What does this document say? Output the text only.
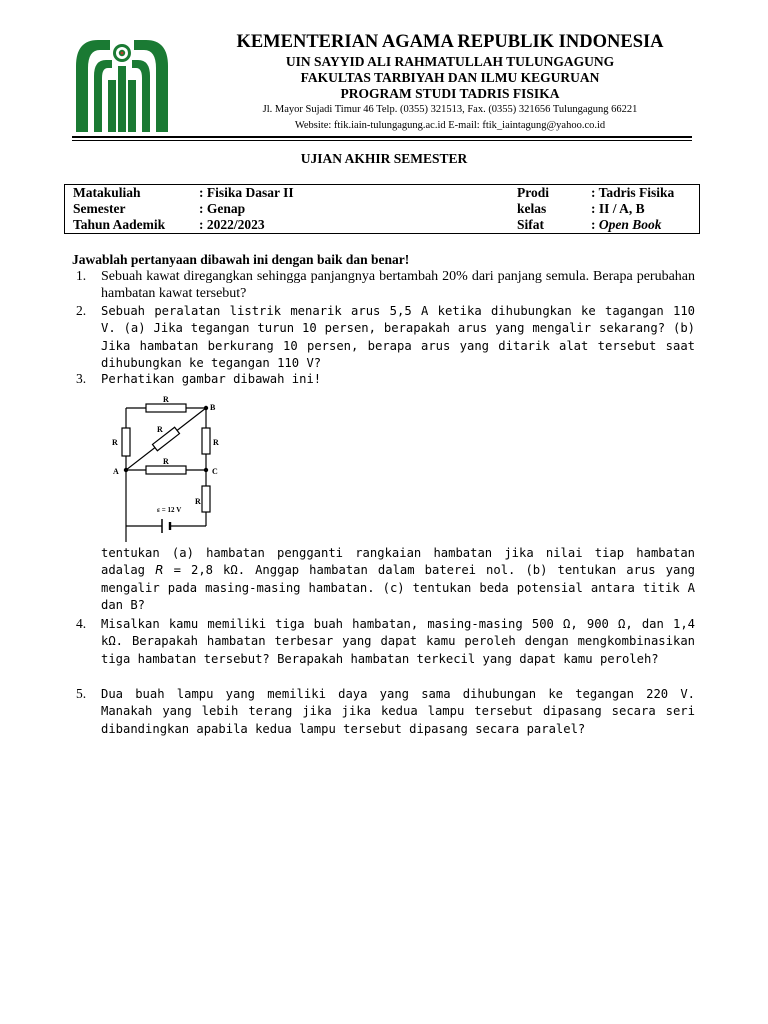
KEMENTERIAN AGAMA REPUBLIK INDONESIA
UIN SAYYID ALI RAHMATULLAH TULUNGAGUNG
FAKULTAS TARBIYAH DAN ILMU KEGURUAN
PROGRAM STUDI TADRIS FISIKA
Jl. Mayor Sujadi Timur 46 Telp. (0355) 321513, Fax. (0355) 321656 Tulungagung 66221
Website: ftik.iain-tulungagung.ac.id E-mail: ftik_iaintagung@yahoo.co.id
UJIAN AKHIR SEMESTER
Matakuliah	: Fisika Dasar II	Prodi	: Tadris Fisika
Semester	: Genap	kelas	: II / A, B
Tahun Aademik	: 2022/2023	Sifat	: Open Book
Jawablah pertanyaan dibawah ini dengan baik dan benar!
1. Sebuah kawat diregangkan sehingga panjangnya bertambah 20% dari panjang semula. Berapa perubahan hambatan kawat tersebut?
2. Sebuah peralatan listrik menarik arus 5,5 A ketika dihubungkan ke tagangan 110 V. (a) Jika tegangan turun 10 persen, berapakah arus yang mengalir sekarang? (b) Jika hambatan berkurang 10 persen, berapa arus yang ditarik alat tersebut saat dihubungkan ke tegangan 110 V?
3. Perhatikan gambar dibawah ini!
R
R
R
R
R
R
B
A	C
ε = 12 V
tentukan (a) hambatan pengganti rangkaian hambatan jika nilai tiap hambatan adalag R = 2,8 kΩ. Anggap hambatan dalam baterei nol. (b) tentukan arus yang mengalir pada masing-masing hambatan. (c) tentukan beda potensial antara titik A dan B?
4. Misalkan kamu memiliki tiga buah hambatan, masing-masing 500 Ω, 900 Ω, dan 1,4 kΩ. Berapakah hambatan terbesar yang dapat kamu peroleh dengan mengkombinasikan tiga hambatan tersebut? Berapakah hambatan terkecil yang dapat kamu peroleh?
5. Dua buah lampu yang memiliki daya yang sama dihubungan ke tegangan 220 V. Manakah yang lebih terang jika jika kedua lampu tersebut dipasang secara seri dibandingkan apabila kedua lampu tersebut dipasang secara paralel?
